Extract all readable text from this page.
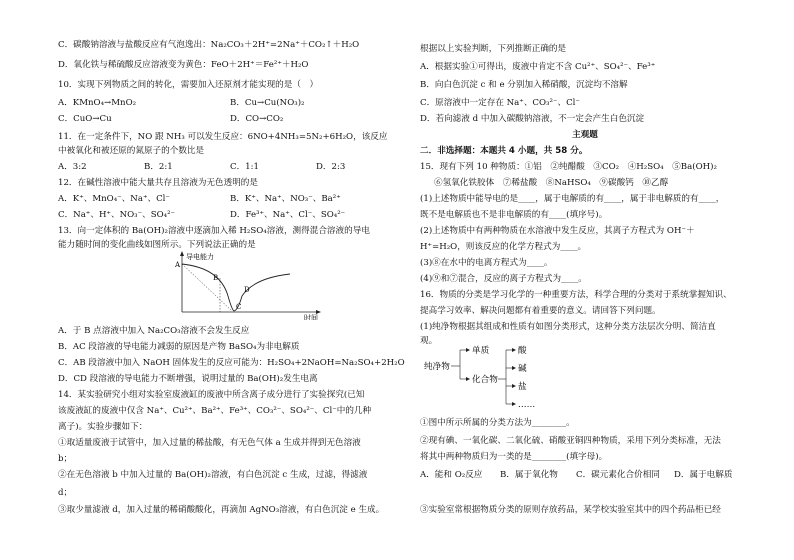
C．碳酸钠溶液与盐酸反应有气泡逸出：Na₂CO₃＋2H⁺=2Na⁺＋CO₂↑＋H₂O
D．氧化铁与稀硫酸反应溶液变为黄色：FeO＋2H⁺＝Fe²⁺＋H₂O
10．实现下列物质之间的转化，需要加入还原剂才能实现的是（　）
A．KMnO₄→MnO₂	B．Cu→Cu(NO₃)₂
C．CuO→Cu	D．CO→CO₂
11．在一定条件下，NO 跟 NH₃ 可以发生反应：6NO+4NH₃=5N₂+6H₂O，该反应
中被氧化和被还原的氮原子的个数比是
A．3:2	B．2:1	C．1:1	D．2:3
12．在碱性溶液中能大量共存且溶液为无色透明的是
A．K⁺、MnO₄⁻、Na⁺、Cl⁻	B．K⁺、Na⁺、NO₃⁻、Ba²⁺
C．Na⁺、H⁺、NO₃⁻、SO₄²⁻	D．Fe³⁺、Na⁺、Cl⁻、SO₄²⁻
13．向一定体积的 Ba(OH)₂溶液中逐滴加入稀 H₂SO₄溶液，测得混合溶液的导电
能力随时间的变化曲线如图所示。下列说法正确的是
导电能力
时间
A
B
C
D
A．于 B 点溶液中加入 Na₂CO₃溶液不会发生反应
B．AC 段溶液的导电能力减弱的原因是产物 BaSO₄为非电解质
C．AB 段溶液中加入 NaOH 固体发生的反应可能为：H₂SO₄+2NaOH=Na₂SO₄+2H₂O
D．CD 段溶液的导电能力不断增强，说明过量的 Ba(OH)₂发生电离
14．某实验研究小组对实验室废液缸的废液中所含离子成分进行了实验探究(已知
该废液缸的废液中仅含 Na⁺、Cu²⁺、Ba²⁺、Fe³⁺、CO₃²⁻、SO₄²⁻、Cl⁻中的几种
离子)。实验步骤如下：
①取适量废液于试管中，加入过量的稀盐酸，有无色气体 a 生成并得到无色溶液
b；
②在无色溶液 b 中加入过量的 Ba(OH)₂溶液，有白色沉淀 c 生成，过滤，得滤液
d；
③取少量滤液 d，加入过量的稀硝酸酸化，再滴加 AgNO₃溶液，有白色沉淀 e 生成。
根据以上实验判断，下列推断正确的是
A．根据实验①可得出，废液中肯定不含 Cu²⁺、SO₄²⁻、Fe³⁺
B．向白色沉淀 c 和 e 分别加入稀硝酸，沉淀均不溶解
C．原溶液中一定存在 Na⁺、CO₃²⁻、Cl⁻
D．若向滤液 d 中加入碳酸钠溶液，不一定会产生白色沉淀
主观题
二．非选择题：本题共 4 小题，共 58 分。
15．现有下列 10 种物质：①铝　②纯醋酸　③CO₂　④H₂SO₄　⑤Ba(OH)₂
⑥氢氧化铁胶体　⑦稀盐酸　⑧NaHSO₄　⑨碳酸钙　⑩乙醇
(1)上述物质中能导电的是____，属于电解质的有____，属于非电解质的有____，
既不是电解质也不是非电解质的有____(填序号)。
(2)上述物质中有两种物质在水溶液中发生反应，其离子方程式为 OH⁻＋
H⁺=H₂O，则该反应的化学方程式为____。
(3)⑧在水中的电离方程式为____。
(4)⑨和⑦混合，反应的离子方程式为____。
16．物质的分类是学习化学的一种重要方法，科学合理的分类对于系统掌握知识、
提高学习效率、解决问题都有着重要的意义。请回答下列问题。
(1)纯净物根据其组成和性质有如图分类形式，这种分类方法层次分明、简洁直
观。
纯净物
单质
化合物
酸
碱
盐
……
①图中所示所属的分类方法为________。
②现有碘、一氧化碳、二氧化硫、硝酸亚铜四种物质，采用下列分类标准，无法
将其中两种物质归为一类的是________(填字母)。
A．能和 O₂反应 B．属于氧化物 C．碳元素化合价相同 D．属于电解质
③实验室常根据物质分类的原则存放药品，某学校实验室其中的四个药品柜已经
